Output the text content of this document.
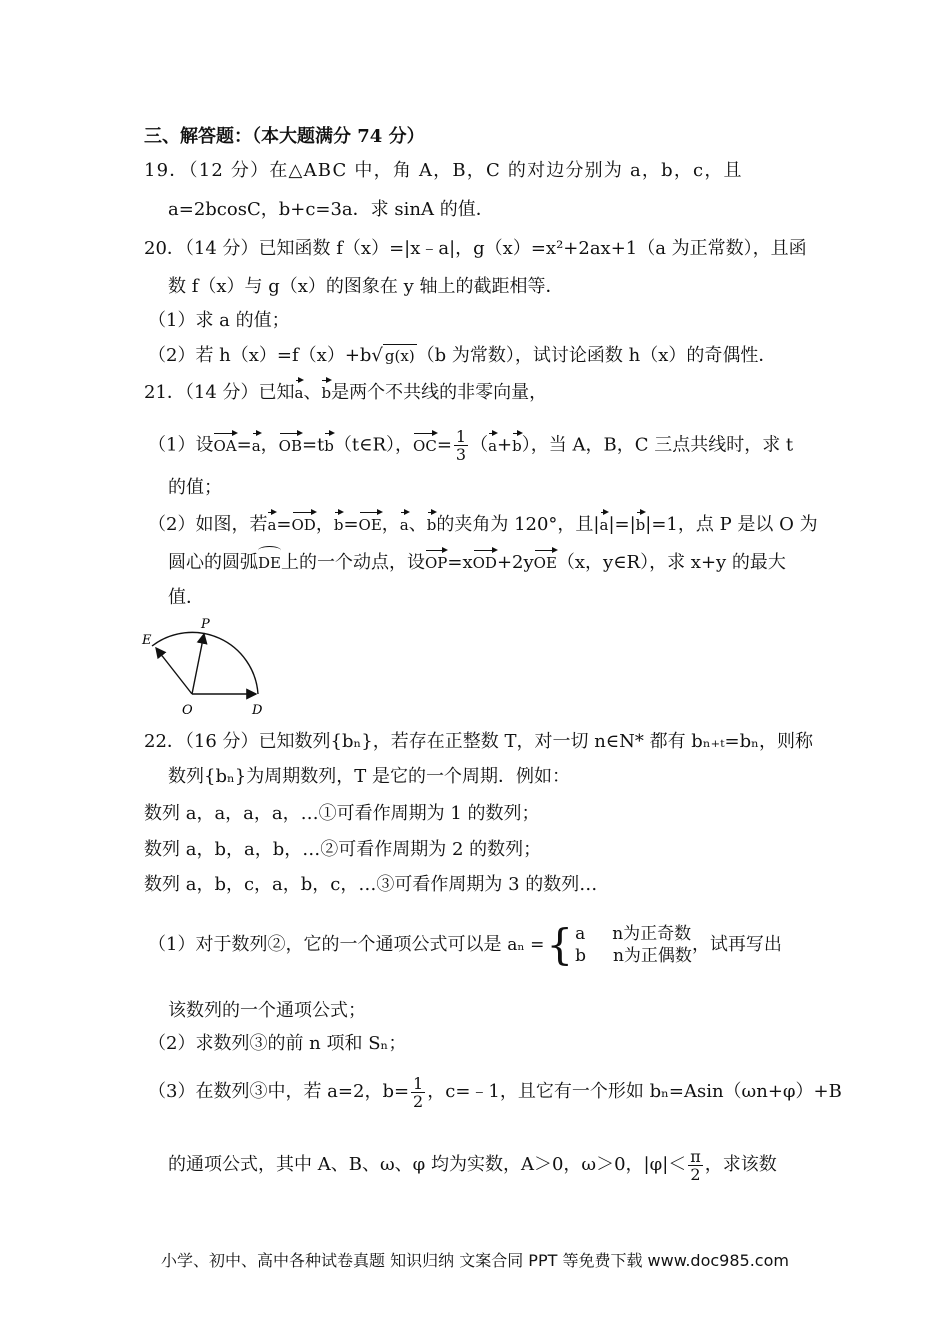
三、解答题：（本大题满分 74 分）
19．（12 分）在△ABC 中，角 A，B，C 的对边分别为 a，b，c，且
a=2bcosC，b+c=3a．求 sinA 的值．
20．（14 分）已知函数 f（x）=|x﹣a|，g（x）=x²+2ax+1（a 为正常数），且函
数 f（x）与 g（x）的图象在 y 轴上的截距相等．
（1）求 a 的值；
（2）若 h（x）=f（x）+b√ g(x) （b 为常数），试讨论函数 h（x）的奇偶性．
21．（14 分）已知a、b是两个不共线的非零向量，
（1）设OA=a，OB=tb（t∈R），$OC= \frac{1}{3} (a+b)$，当 A，B，C 三点共线时，求 t
的值；
（2）如图，若a=OD，b=OE，a、b的夹角为 120°，且|a|=|b|=1，点 P 是以 O 为
圆心的圆弧DE上的一个动点，设OP=xOD+2yOE（x，y∈R），求 x+y 的最大
值．
E
P
O	D
22．（16 分）已知数列{bₙ}，若存在正整数 T，对一切 n∈N* 都有 bₙ₊ₜ=bₙ，则称
数列{bₙ}为周期数列，T 是它的一个周期．例如：
数列 a，a，a，a，…①可看作周期为 1 的数列；
数列 a，b，a，b，…②可看作周期为 2 的数列；
数列 a，b，c，a，b，c，…③可看作周期为 3 的数列…
（1）对于数列②，它的一个通项公式可以是 aₙ = { a n为正奇数
b n为正偶数
，试再写出
该数列的一个通项公式；
（2）求数列③的前 n 项和 Sₙ；
（3）在数列③中，若 a=2，$b= \frac{1}{2}$ ，c=﹣1，且它有一个形如 bₙ=Asin（ωn+φ）+B
的通项公式，其中 A、B、ω、φ 均为实数，A＞0，ω＞0，$|\varphi|< \frac{\pi}{2}$ ，求该数
小学、初中、高中各种试卷真题 知识归纳 文案合同 PPT 等免费下载 www.doc985.com
